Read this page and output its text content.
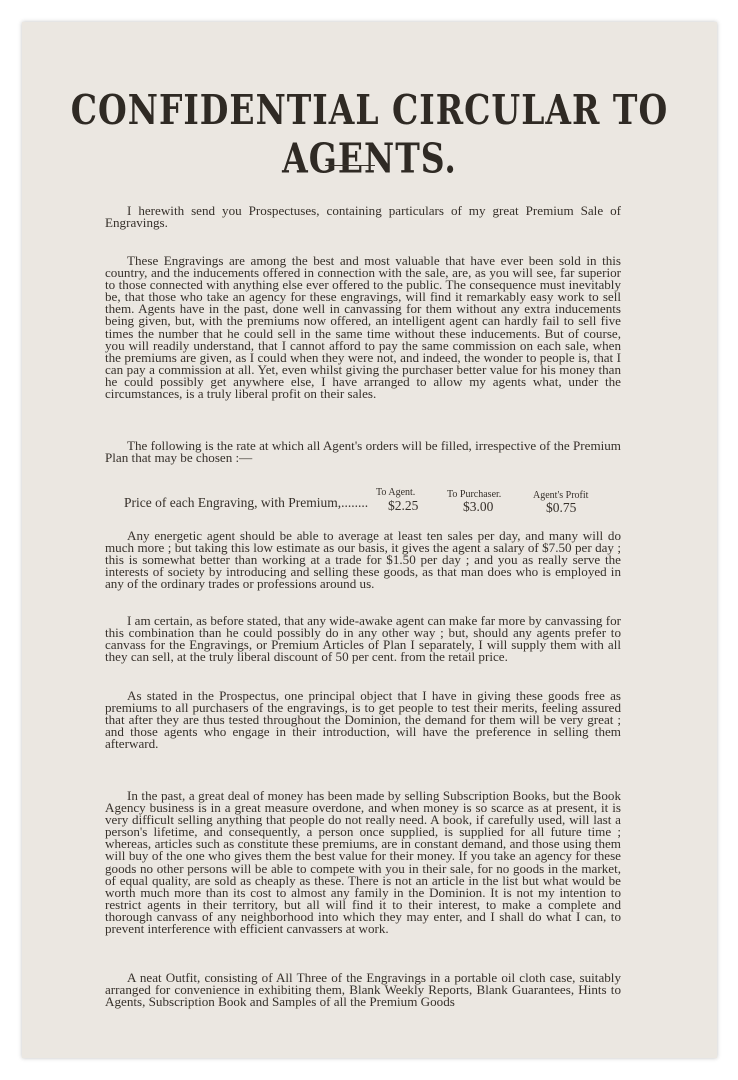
CONFIDENTIAL CIRCULAR TO AGENTS.

I herewith send you Prospectuses, containing particulars of my great Premium Sale of Engravings.

These Engravings are among the best and most valuable that have ever been sold in this country, and the inducements offered in connection with the sale, are, as you will see, far superior to those connected with anything else ever offered to the public. The consequence must inevitably be, that those who take an agency for these engravings, will find it remarkably easy work to sell them. Agents have in the past, done well in canvassing for them without any extra inducements being given, but, with the premiums now offered, an intelligent agent can hardly fail to sell five times the number that he could sell in the same time without these inducements. But of course, you will readily understand, that I cannot afford to pay the same commission on each sale, when the premiums are given, as I could when they were not, and indeed, the wonder to people is, that I can pay a commission at all. Yet, even whilst giving the purchaser better value for his money than he could possibly get anywhere else, I have arranged to allow my agents what, under the circumstances, is a truly liberal profit on their sales.

The following is the rate at which all Agent's orders will be filled, irrespective of the Premium Plan that may be chosen :—

Price of each Engraving, with Premium,........
To Agent.	To Purchaser.	Agent's Profit
$2.25	$3.00	$0.75

Any energetic agent should be able to average at least ten sales per day, and many will do much more ; but taking this low estimate as our basis, it gives the agent a salary of $7.50 per day ; this is somewhat better than working at a trade for $1.50 per day ; and you as really serve the interests of society by introducing and selling these goods, as that man does who is employed in any of the ordinary trades or professions around us.

I am certain, as before stated, that any wide-awake agent can make far more by canvassing for this combination than he could possibly do in any other way ; but, should any agents prefer to canvass for the Engravings, or Premium Articles of Plan I separately, I will supply them with all they can sell, at the truly liberal discount of 50 per cent. from the retail price.

As stated in the Prospectus, one principal object that I have in giving these goods free as premiums to all purchasers of the engravings, is to get people to test their merits, feeling assured that after they are thus tested throughout the Dominion, the demand for them will be very great ; and those agents who engage in their introduction, will have the preference in selling them afterward.

In the past, a great deal of money has been made by selling Subscription Books, but the Book Agency business is in a great measure overdone, and when money is so scarce as at present, it is very difficult selling anything that people do not really need. A book, if carefully used, will last a person's lifetime, and consequently, a person once supplied, is supplied for all future time ; whereas, articles such as constitute these premiums, are in constant demand, and those using them will buy of the one who gives them the best value for their money. If you take an agency for these goods no other persons will be able to compete with you in their sale, for no goods in the market, of equal quality, are sold as cheaply as these. There is not an article in the list but what would be worth much more than its cost to almost any family in the Dominion. It is not my intention to restrict agents in their territory, but all will find it to their interest, to make a complete and thorough canvass of any neighborhood into which they may enter, and I shall do what I can, to prevent interference with efficient canvassers at work.

A neat Outfit, consisting of All Three of the Engravings in a portable oil cloth case, suitably arranged for convenience in exhibiting them, Blank Weekly Reports, Blank Guarantees, Hints to Agents, Subscription Book and Samples of all the Premium Goods
